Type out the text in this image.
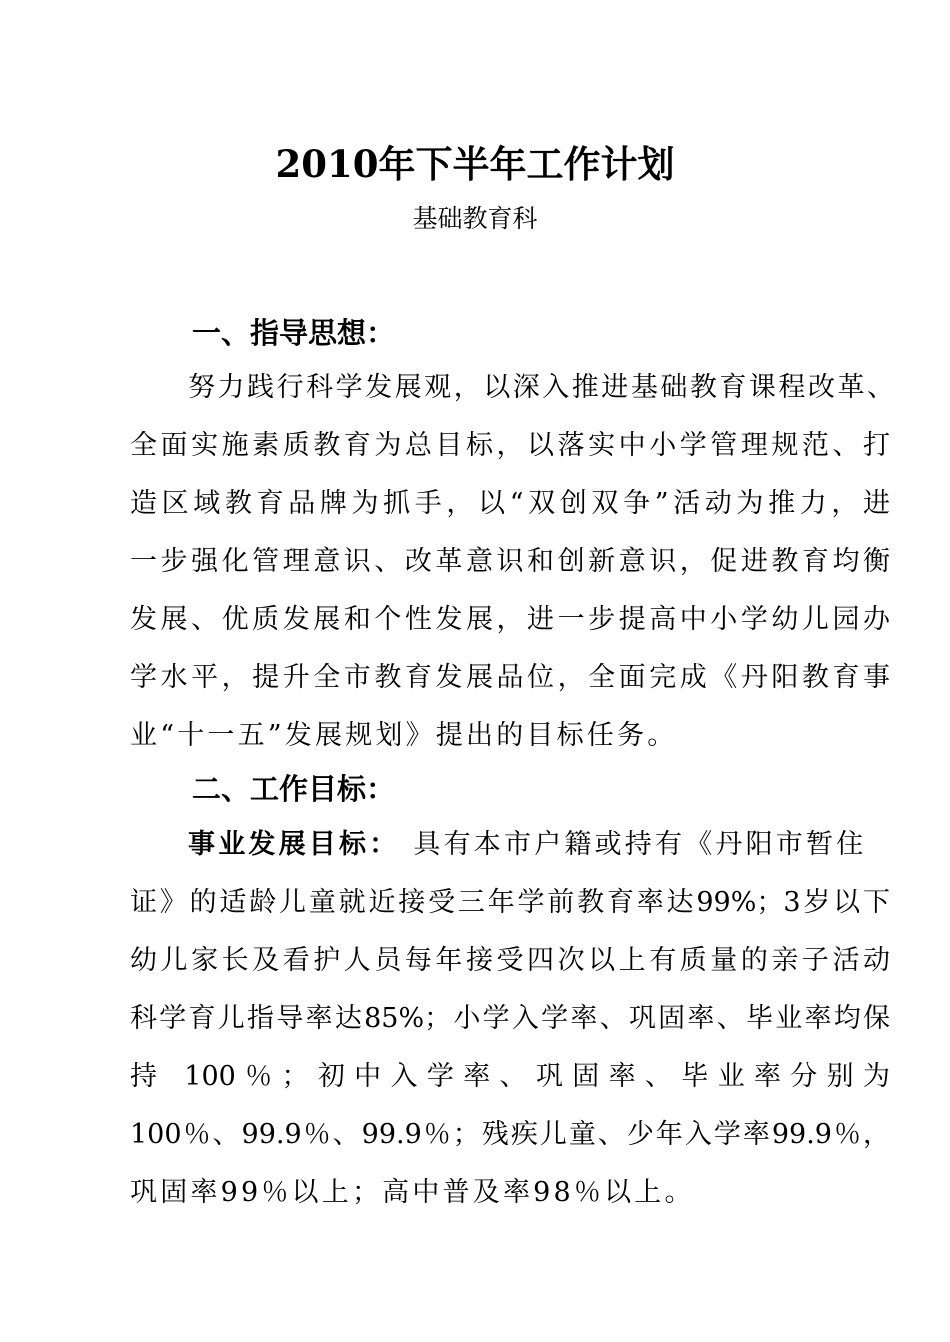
2010年下半年工作计划
基础教育科
一、指导思想：
努力践行科学发展观，以深入推进基础教育课程改革、
全面实施素质教育为总目标，以落实中小学管理规范、打
造区域教育品牌为抓手，以“双创双争”活动为推力，进
一步强化管理意识、改革意识和创新意识，促进教育均衡
发展、优质发展和个性发展，进一步提高中小学幼儿园办
学水平，提升全市教育发展品位，全面完成《丹阳教育事
业“十一五”发展规划》提出的目标任务。
二、工作目标：
事业发展目标： 具有本市户籍或持有《丹阳市暂住
证》的适龄儿童就近接受三年学前教育率达99%；3岁以下
幼儿家长及看护人员每年接受四次以上有质量的亲子活动
科学育儿指导率达85%；小学入学率、巩固率、毕业率均保
持 100％；初中入学率、巩固率、毕业率分别为
100％、99.9％、99.9％；残疾儿童、少年入学率99.9％，
巩固率99％以上；高中普及率98％以上。
